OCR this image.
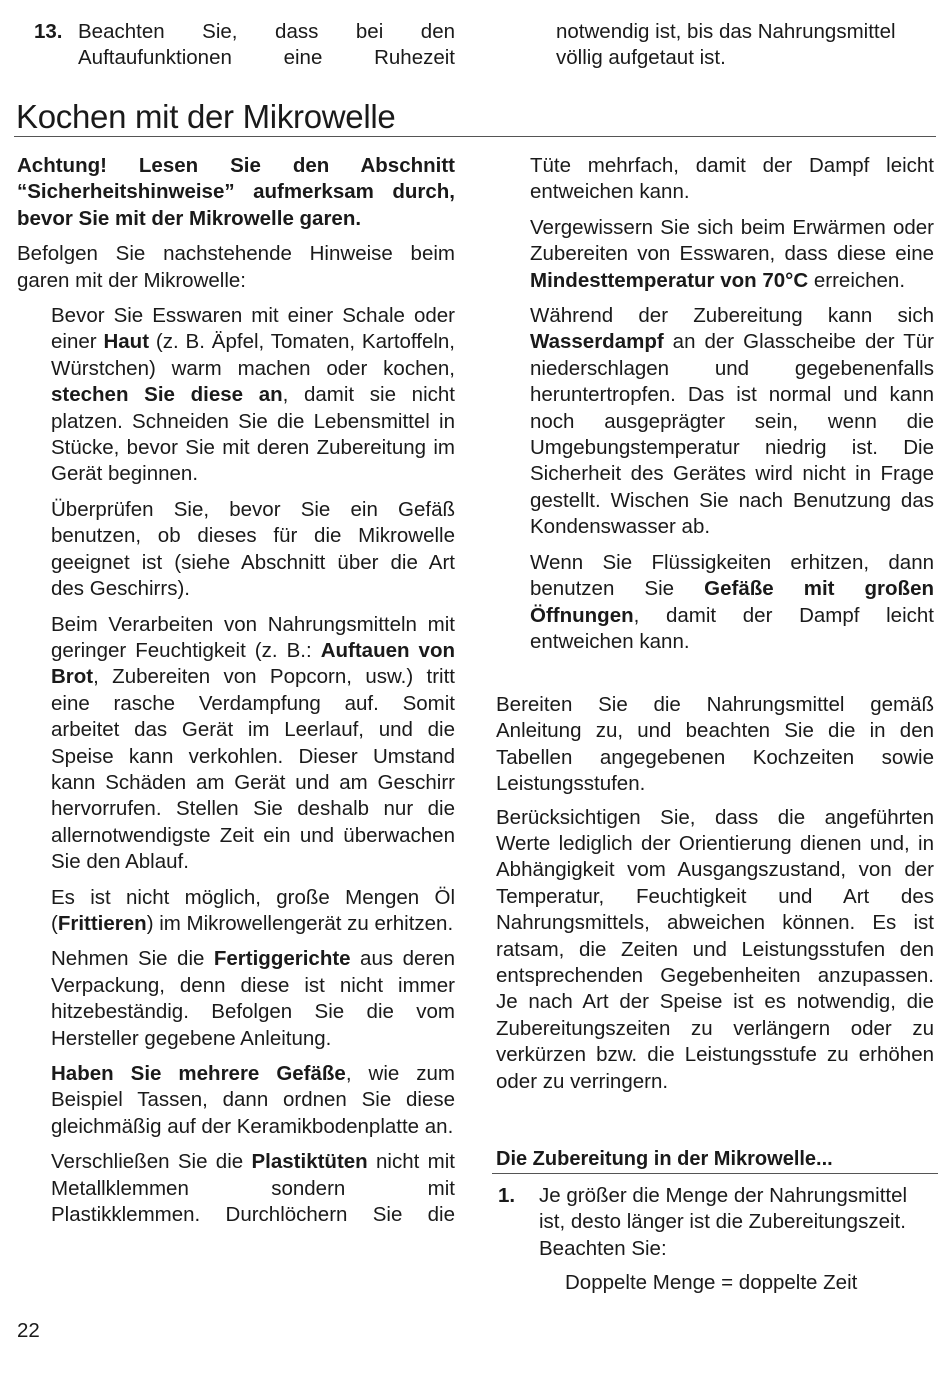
13. Beachten Sie, dass bei den Auftaufunktionen eine Ruhezeit

notwendig ist, bis das Nahrungsmittel völlig aufgetaut ist.

Kochen mit der Mikrowelle

Achtung! Lesen Sie den Abschnitt “Sicherheitshinweise” aufmerksam durch, bevor Sie mit der Mikrowelle garen.

Befolgen Sie nachstehende Hinweise beim garen mit der Mikrowelle:

Bevor Sie Esswaren mit einer Schale oder einer Haut (z. B. Äpfel, Tomaten, Kartoffeln, Würstchen) warm machen oder kochen, stechen Sie diese an, damit sie nicht platzen. Schneiden Sie die Lebensmittel in Stücke, bevor Sie mit deren Zubereitung im Gerät beginnen.

Überprüfen Sie, bevor Sie ein Gefäß benutzen, ob dieses für die Mikrowelle geeignet ist (siehe Abschnitt über die Art des Geschirrs).

Beim Verarbeiten von Nahrungsmitteln mit geringer Feuchtigkeit (z. B.: Auftauen von Brot, Zubereiten von Popcorn, usw.) tritt eine rasche Verdampfung auf. Somit arbeitet das Gerät im Leerlauf, und die Speise kann verkohlen. Dieser Umstand kann Schäden am Gerät und am Geschirr hervorrufen. Stellen Sie deshalb nur die allernotwendigste Zeit ein und überwachen Sie den Ablauf.

Es ist nicht möglich, große Mengen Öl (Frittieren) im Mikrowellengerät zu erhitzen.

Nehmen Sie die Fertiggerichte aus deren Verpackung, denn diese ist nicht immer hitzebeständig. Befolgen Sie die vom Hersteller gegebene Anleitung.

Haben Sie mehrere Gefäße, wie zum Beispiel Tassen, dann ordnen Sie diese gleichmäßig auf der Keramikbodenplatte an.

Verschließen Sie die Plastiktüten nicht mit Metallklemmen sondern mit Plastikklemmen. Durchlöchern Sie die

Tüte mehrfach, damit der Dampf leicht entweichen kann.

Vergewissern Sie sich beim Erwärmen oder Zubereiten von Esswaren, dass diese eine Mindesttemperatur von 70°C erreichen.

Während der Zubereitung kann sich Wasserdampf an der Glasscheibe der Tür niederschlagen und gegebenenfalls heruntertropfen. Das ist normal und kann noch ausgeprägter sein, wenn die Umgebungstemperatur niedrig ist. Die Sicherheit des Gerätes wird nicht in Frage gestellt. Wischen Sie nach Benutzung das Kondenswasser ab.

Wenn Sie Flüssigkeiten erhitzen, dann benutzen Sie Gefäße mit großen Öffnungen, damit der Dampf leicht entweichen kann.

Bereiten Sie die Nahrungsmittel gemäß Anleitung zu, und beachten Sie die in den Tabellen angegebenen Kochzeiten sowie Leistungsstufen.

Berücksichtigen Sie, dass die angeführten Werte lediglich der Orientierung dienen und, in Abhängigkeit vom Ausgangszustand, von der Temperatur, Feuchtigkeit und Art des Nahrungsmittels, abweichen können. Es ist ratsam, die Zeiten und Leistungsstufen den entsprechenden Gegebenheiten anzupassen. Je nach Art der Speise ist es notwendig, die Zubereitungszeiten zu verlängern oder zu verkürzen bzw. die Leistungsstufe zu erhöhen oder zu verringern.

Die Zubereitung in der Mikrowelle...
1. Je größer die Menge der Nahrungsmittel ist, desto länger ist die Zubereitungszeit. Beachten Sie:

Doppelte Menge = doppelte Zeit

22
